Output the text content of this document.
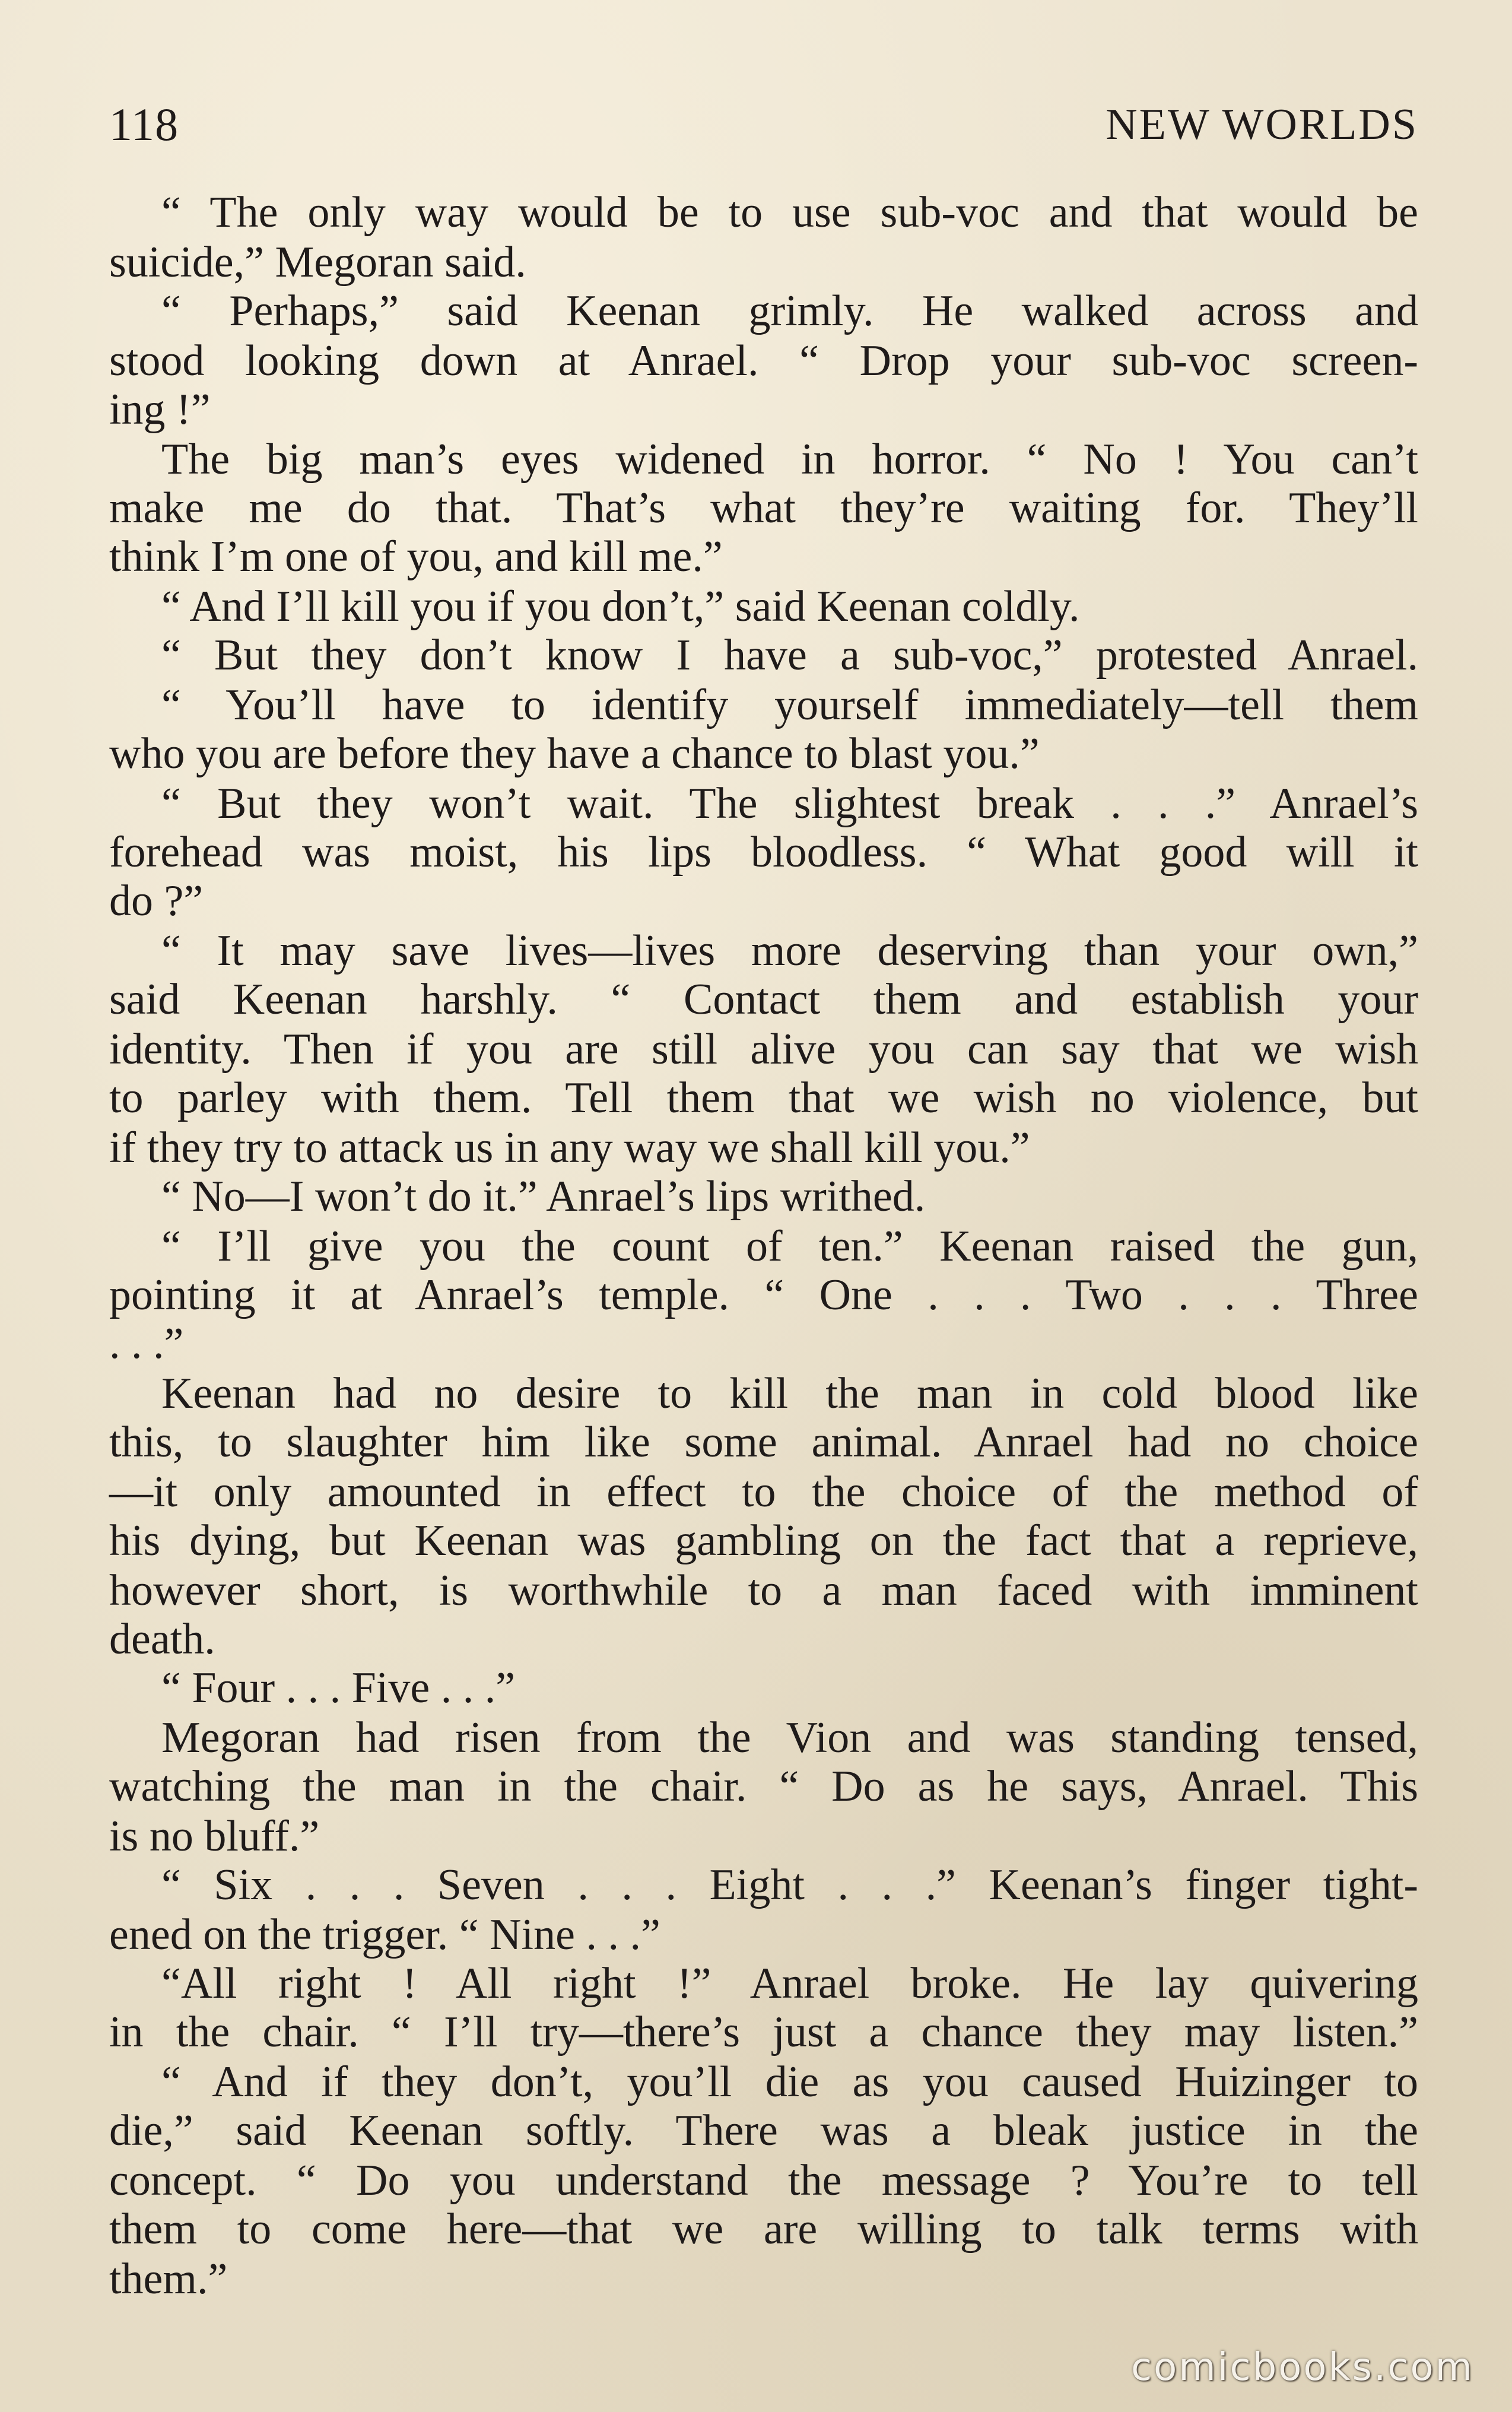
118	NEW WORLDS
“ The only way would be to use sub-voc and that would be
suicide,” Megoran said.
“ Perhaps,” said Keenan grimly. He walked across and
stood looking down at Anrael. “ Drop your sub-voc screen-
ing !”
The big man’s eyes widened in horror. “ No ! You can’t
make me do that. That’s what they’re waiting for. They’ll
think I’m one of you, and kill me.”
“ And I’ll kill you if you don’t,” said Keenan coldly.
“ But they don’t know I have a sub-voc,” protested Anrael.
“ You’ll have to identify yourself immediately—tell them
who you are before they have a chance to blast you.”
“ But they won’t wait. The slightest break . . .” Anrael’s
forehead was moist, his lips bloodless. “ What good will it
do ?”
“ It may save lives—lives more deserving than your own,”
said Keenan harshly. “ Contact them and establish your
identity. Then if you are still alive you can say that we wish
to parley with them. Tell them that we wish no violence, but
if they try to attack us in any way we shall kill you.”
“ No—I won’t do it.” Anrael’s lips writhed.
“ I’ll give you the count of ten.” Keenan raised the gun,
pointing it at Anrael’s temple. “ One . . . Two . . . Three
. . .”
Keenan had no desire to kill the man in cold blood like
this, to slaughter him like some animal. Anrael had no choice
—it only amounted in effect to the choice of the method of
his dying, but Keenan was gambling on the fact that a reprieve,
however short, is worthwhile to a man faced with imminent
death.
“ Four . . . Five . . .”
Megoran had risen from the Vion and was standing tensed,
watching the man in the chair. “ Do as he says, Anrael. This
is no bluff.”
“ Six . . . Seven . . . Eight . . .” Keenan’s finger tight-
ened on the trigger. “ Nine . . .”
“All right ! All right !” Anrael broke. He lay quivering
in the chair. “ I’ll try—there’s just a chance they may listen.”
“ And if they don’t, you’ll die as you caused Huizinger to
die,” said Keenan softly. There was a bleak justice in the
concept. “ Do you understand the message ? You’re to tell
them to come here—that we are willing to talk terms with
them.”
comicbooks.com
